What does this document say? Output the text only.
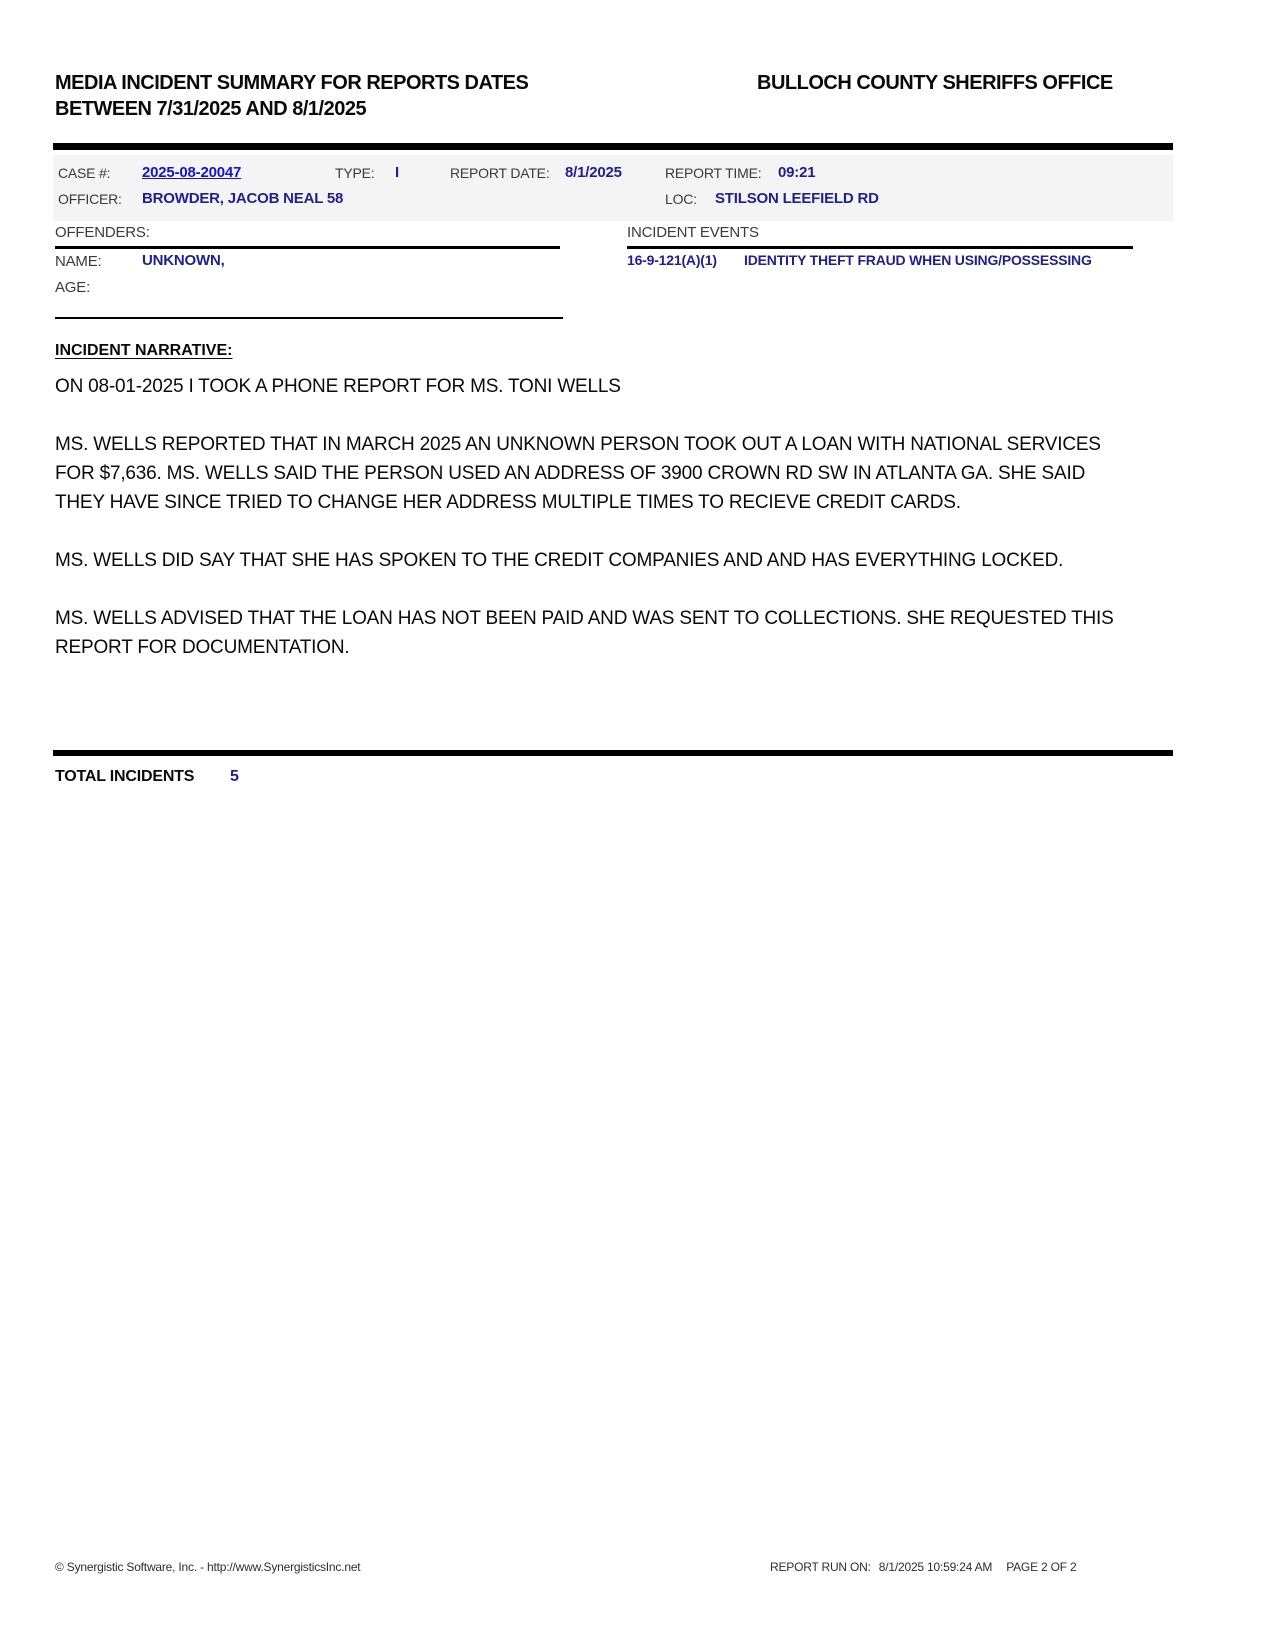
MEDIA INCIDENT SUMMARY FOR REPORTS DATES
BETWEEN 7/31/2025 AND 8/1/2025
BULLOCH COUNTY SHERIFFS OFFICE
CASE #: 2025-08-20047	TYPE: I	REPORT DATE: 8/1/2025	REPORT TIME: 09:21
OFFICER: BROWDER, JACOB NEAL 58	LOC: STILSON LEEFIELD RD
OFFENDERS:
NAME:	UNKNOWN,
AGE:
INCIDENT EVENTS
16-9-121(A)(1) IDENTITY THEFT FRAUD WHEN USING/POSSESSING
INCIDENT NARRATIVE:

ON 08-01-2025 I TOOK A PHONE REPORT FOR MS. TONI WELLS

MS. WELLS REPORTED THAT IN MARCH 2025 AN UNKNOWN PERSON TOOK OUT A LOAN WITH NATIONAL SERVICES FOR $7,636. MS. WELLS SAID THE PERSON USED AN ADDRESS OF 3900 CROWN RD SW IN ATLANTA GA. SHE SAID THEY HAVE SINCE TRIED TO CHANGE HER ADDRESS MULTIPLE TIMES TO RECIEVE CREDIT CARDS.

MS. WELLS DID SAY THAT SHE HAS SPOKEN TO THE CREDIT COMPANIES AND AND HAS EVERYTHING LOCKED.

MS. WELLS ADVISED THAT THE LOAN HAS NOT BEEN PAID AND WAS SENT TO COLLECTIONS. SHE REQUESTED THIS REPORT FOR DOCUMENTATION.

TOTAL INCIDENTS 5
© Synergistic Software, Inc. - http://www.SynergisticsInc.net	REPORT RUN ON: 8/1/2025 10:59:24 AM PAGE 2 OF 2
